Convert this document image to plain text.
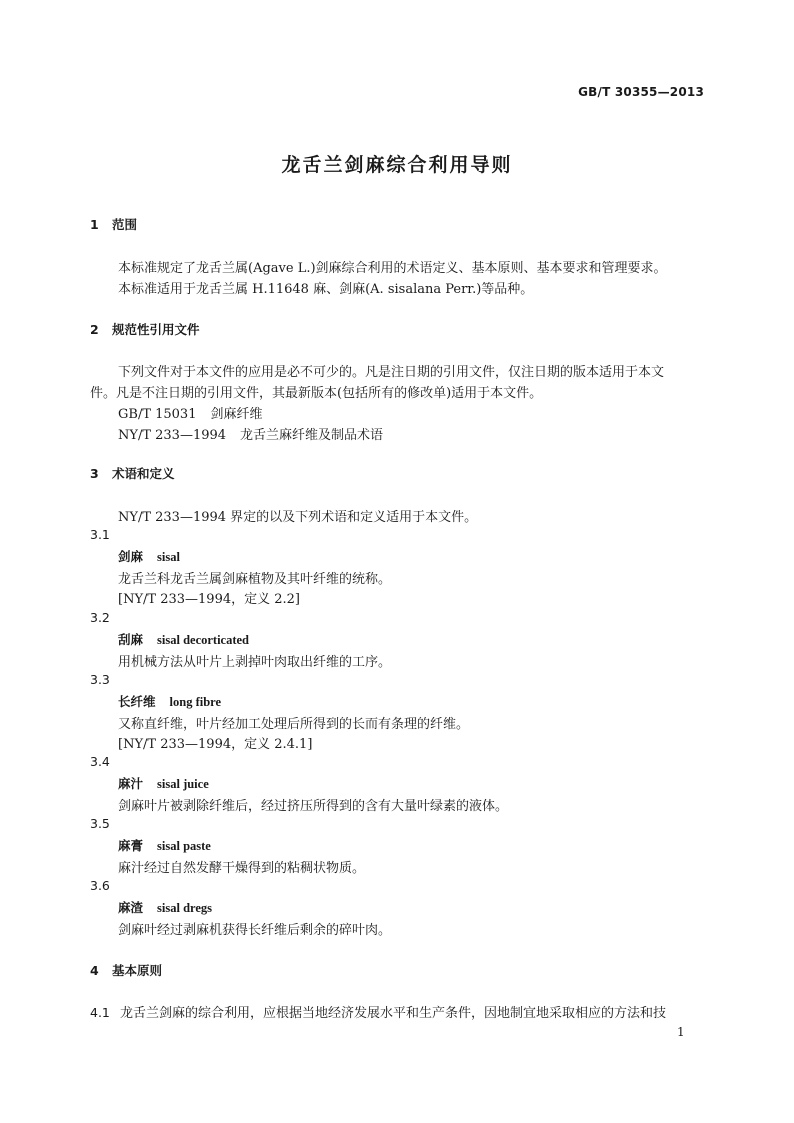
GB/T 30355—2013
龙舌兰剑麻综合利用导则
1 范围
本标准规定了龙舌兰属(Agave L.)剑麻综合利用的术语定义、基本原则、基本要求和管理要求。
本标准适用于龙舌兰属 H.11648 麻、剑麻(A. sisalana Perr.)等品种。
2 规范性引用文件
下列文件对于本文件的应用是必不可少的。凡是注日期的引用文件，仅注日期的版本适用于本文
件。凡是不注日期的引用文件，其最新版本(包括所有的修改单)适用于本文件。
GB/T 15031 剑麻纤维
NY/T 233—1994 龙舌兰麻纤维及制品术语
3 术语和定义
NY/T 233—1994 界定的以及下列术语和定义适用于本文件。
3.1
剑麻 sisal
龙舌兰科龙舌兰属剑麻植物及其叶纤维的统称。
[NY/T 233—1994，定义 2.2]
3.2
刮麻 sisal decorticated
用机械方法从叶片上剥掉叶肉取出纤维的工序。
3.3
长纤维 long fibre
又称直纤维，叶片经加工处理后所得到的长而有条理的纤维。
[NY/T 233—1994，定义 2.4.1]
3.4
麻汁 sisal juice
剑麻叶片被剥除纤维后，经过挤压所得到的含有大量叶绿素的液体。
3.5
麻膏 sisal paste
麻汁经过自然发酵干燥得到的粘稠状物质。
3.6
麻渣 sisal dregs
剑麻叶经过剥麻机获得长纤维后剩余的碎叶肉。
4 基本原则
4.1 龙舌兰剑麻的综合利用，应根据当地经济发展水平和生产条件，因地制宜地采取相应的方法和技
1
